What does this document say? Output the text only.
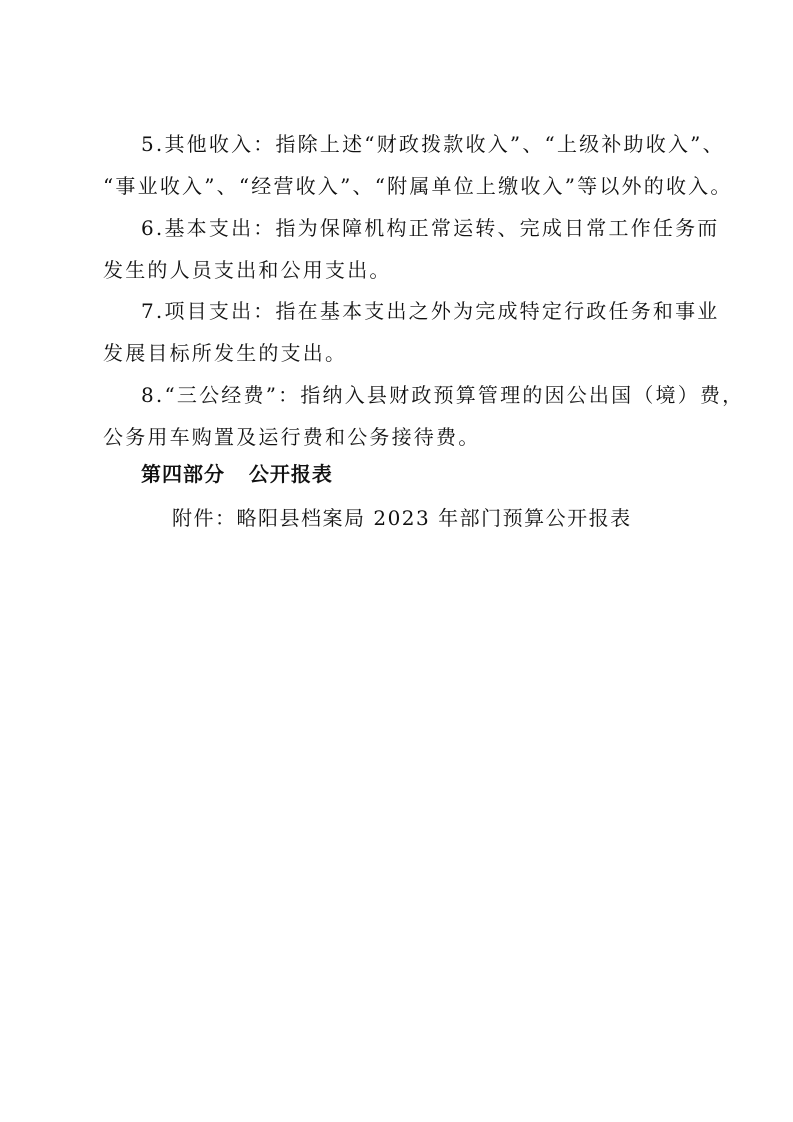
5.其他收入：指除上述“财政拨款收入”、“上级补助收入”、
“事业收入”、“经营收入”、“附属单位上缴收入”等以外的收入。
6.基本支出：指为保障机构正常运转、完成日常工作任务而
发生的人员支出和公用支出。
7.项目支出：指在基本支出之外为完成特定行政任务和事业
发展目标所发生的支出。
8.“三公经费”：指纳入县财政预算管理的因公出国（境）费，
公务用车购置及运行费和公务接待费。

第四部分   公开报表

附件：略阳县档案局 2023 年部门预算公开报表
